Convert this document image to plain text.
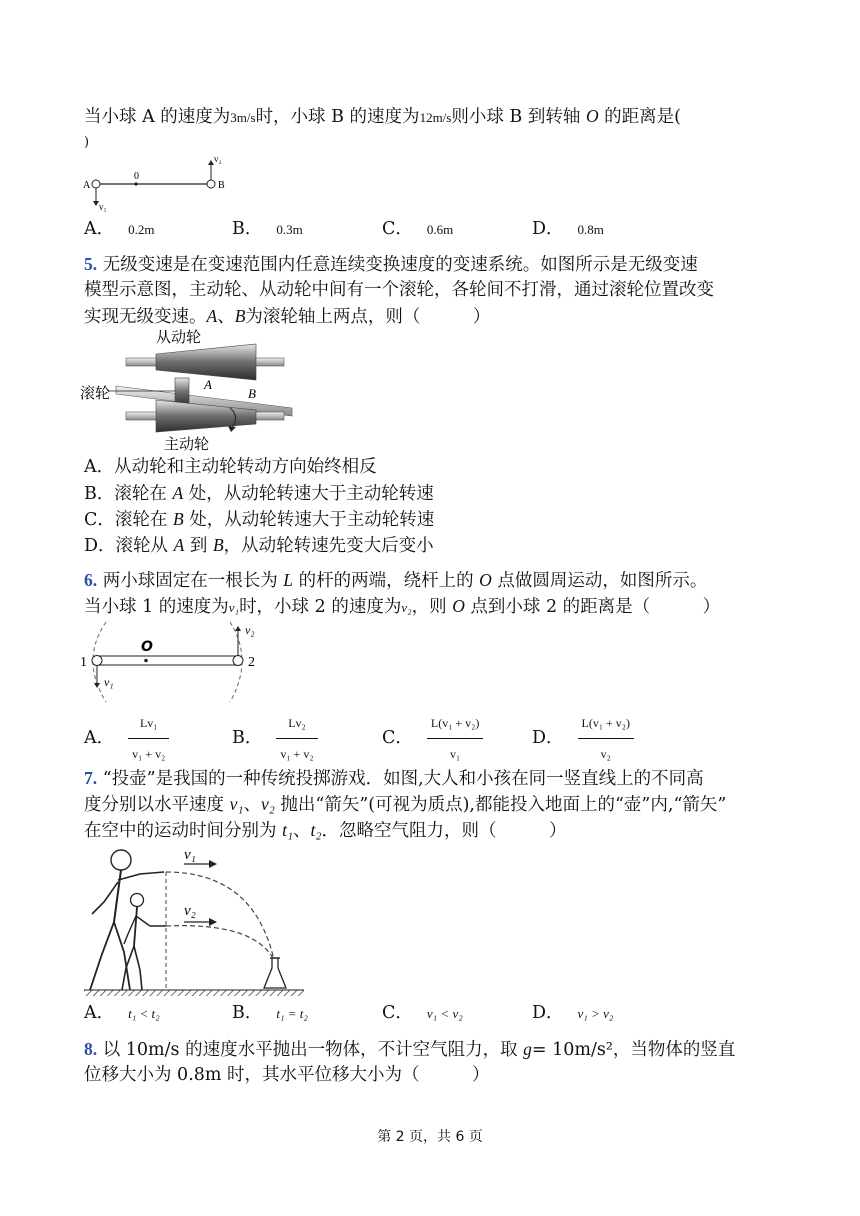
当小球 A 的速度为3m/s时，小球 B 的速度为12m/s则小球 B 到转轴 O 的距离是(
)
A
0
B
v₁
v₂
A． 0.2m	B． 0.3m	C． 0.6m	D． 0.8m
5. 无级变速是在变速范围内任意连续变换速度的变速系统。如图所示是无级变速
模型示意图，主动轮、从动轮中间有一个滚轮，各轮间不打滑，通过滚轮位置改变
实现无级变速。A、B为滚轮轴上两点，则（　　　）
从动轮
滚轮
主动轮
A
B
A．从动轮和主动轮转动方向始终相反
B．滚轮在 A 处，从动轮转速大于主动轮转速
C．滚轮在 B 处，从动轮转速大于主动轮转速
D．滚轮从 A 到 B，从动轮转速先变大后变小
6. 两小球固定在一根长为 L 的杆的两端，绕杆上的 O 点做圆周运动，如图所示。
当小球 1 的速度为v₁时，小球 2 的速度为v₂，则 O 点到小球 2 的距离是（　　　）
O
1	2
v₁
v₂
A． $\frac{\text{Lv₁}}{\text{v₁ + v₂}}$	B． $\frac{\text{Lv₂}}{\text{v₁ + v₂}}$	C． $\frac{\text{L(v₁ + v₂)}}{\text{v₁}}$	D． $\frac{\text{L(v₁ + v₂)}}{\text{v₂}}$
7. “投壶”是我国的一种传统投掷游戏．如图,大人和小孩在同一竖直线上的不同高
度分别以水平速度 v₁、v₂ 抛出“箭矢”(可视为质点),都能投入地面上的“壶”内,“箭矢”
在空中的运动时间分别为 t₁、t₂．忽略空气阻力，则（　　　）
v₁
v₂
A． t₁ < t₂	B． t₁ = t₂	C． v₁ < v₂	D． v₁ > v₂
8. 以 10m/s 的速度水平抛出一物体，不计空气阻力，取 g= 10m/s²，当物体的竖直
位移大小为 0.8m 时，其水平位移大小为（　　　）
第 2 页，共 6 页
